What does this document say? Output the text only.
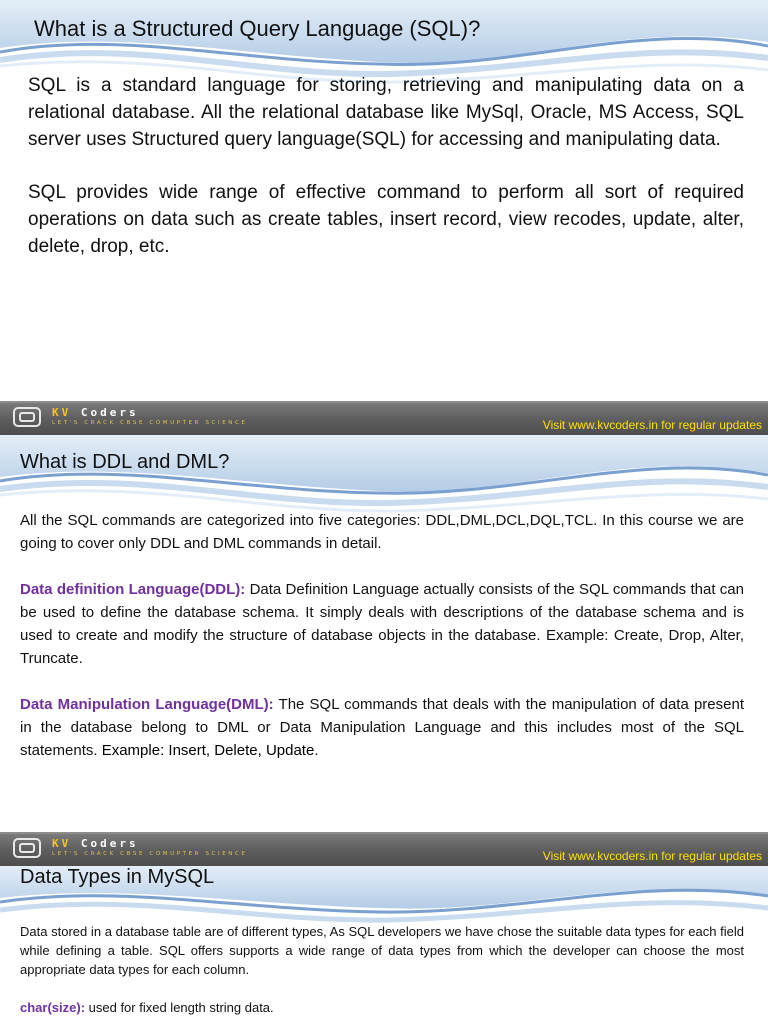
What is a Structured Query Language (SQL)?

SQL is a standard language for storing, retrieving and manipulating data on a relational database. All the relational database like MySql, Oracle, MS Access, SQL server uses Structured query language(SQL) for accessing and manipulating data.

SQL provides wide range of effective command to perform all sort of required operations on data such as create tables, insert record, view recodes, update, alter, delete, drop, etc.

KV Coders
LET'S CRACK CBSE COMUPTER SCIENCE	Visit www.kvcoders.in for regular updates
What is DDL and DML?

All the SQL commands are categorized into five categories: DDL,DML,DCL,DQL,TCL. In this course we are going to cover only DDL and DML commands in detail.

Data definition Language(DDL): Data Definition Language actually consists of the SQL commands that can be used to define the database schema. It simply deals with descriptions of the database schema and is used to create and modify the structure of database objects in the database. Example: Create, Drop, Alter, Truncate.

Data Manipulation Language(DML): The SQL commands that deals with the manipulation of data present in the database belong to DML or Data Manipulation Language and this includes most of the SQL statements. Example: Insert, Delete, Update.

KV Coders
LET'S CRACK CBSE COMUPTER SCIENCE	Visit www.kvcoders.in for regular updates
Data Types in MySQL

Data stored in a database table are of different types, As SQL developers we have chose the suitable data types for each field while defining a table. SQL offers supports a wide range of data types from which the developer can choose the most appropriate data types for each column.

char(size): used for fixed length string data.
